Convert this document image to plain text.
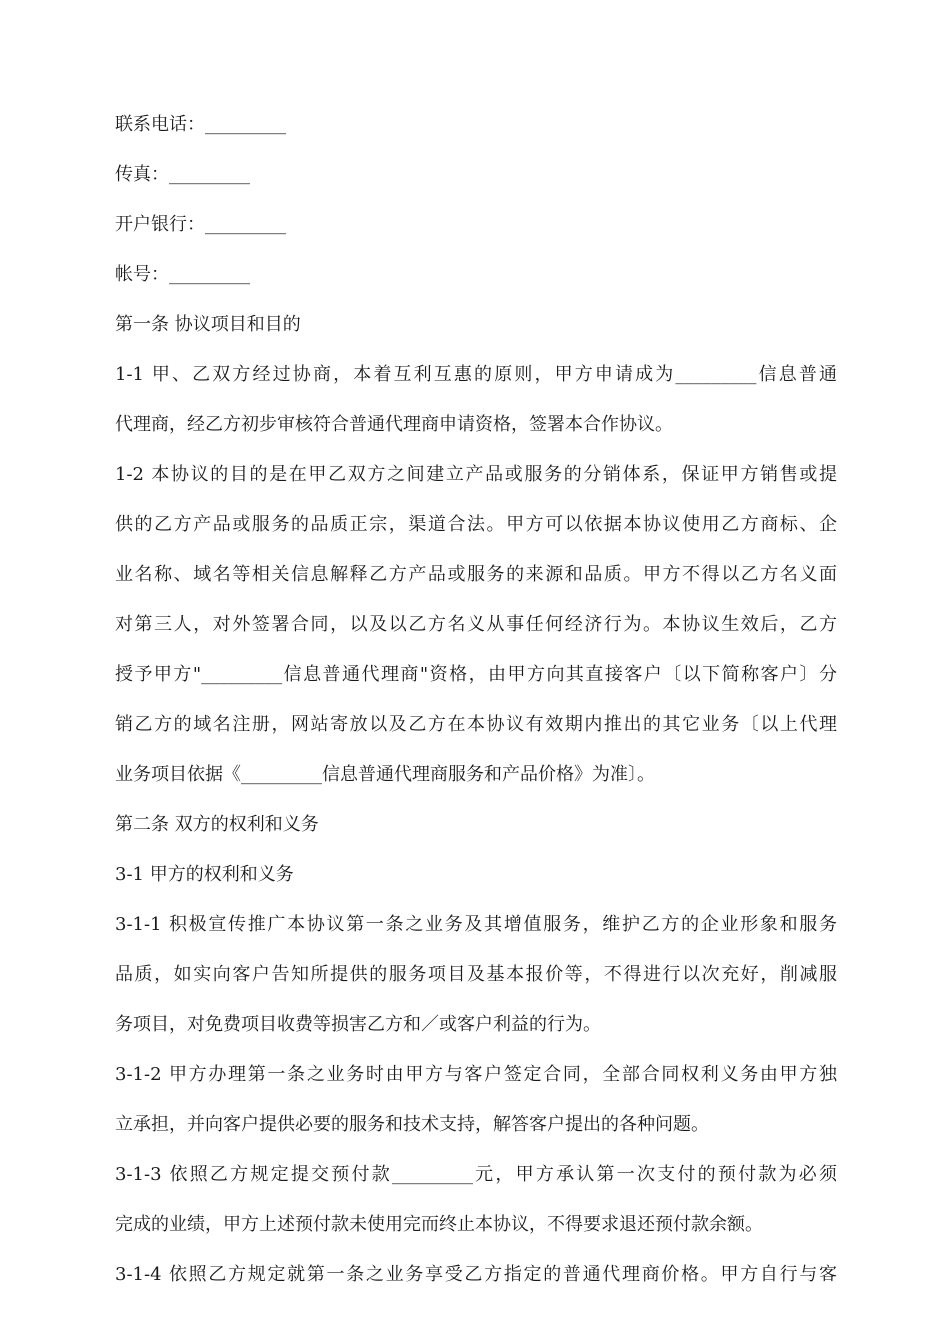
联系电话：_________
传真：_________
开户银行：_________
帐号：_________
第一条 协议项目和目的
1-1 甲、乙双方经过协商，本着互利互惠的原则，甲方申请成为_________信息普通
代理商，经乙方初步审核符合普通代理商申请资格，签署本合作协议。
1-2 本协议的目的是在甲乙双方之间建立产品或服务的分销体系，保证甲方销售或提
供的乙方产品或服务的品质正宗，渠道合法。甲方可以依据本协议使用乙方商标、企
业名称、域名等相关信息解释乙方产品或服务的来源和品质。甲方不得以乙方名义面
对第三人，对外签署合同，以及以乙方名义从事任何经济行为。本协议生效后，乙方
授予甲方"_________信息普通代理商"资格，由甲方向其直接客户〔以下简称客户〕分
销乙方的域名注册，网站寄放以及乙方在本协议有效期内推出的其它业务〔以上代理
业务项目依据《_________信息普通代理商服务和产品价格》为准〕。
第二条 双方的权利和义务
3-1 甲方的权利和义务
3-1-1 积极宣传推广本协议第一条之业务及其增值服务，维护乙方的企业形象和服务
品质，如实向客户告知所提供的服务项目及基本报价等，不得进行以次充好，削减服
务项目，对免费项目收费等损害乙方和／或客户利益的行为。
3-1-2 甲方办理第一条之业务时由甲方与客户签定合同，全部合同权利义务由甲方独
立承担，并向客户提供必要的服务和技术支持，解答客户提出的各种问题。
3-1-3 依照乙方规定提交预付款_________元，甲方承认第一次支付的预付款为必须
完成的业绩，甲方上述预付款未使用完而终止本协议，不得要求退还预付款余额。
3-1-4 依照乙方规定就第一条之业务享受乙方指定的普通代理商价格。甲方自行与客
